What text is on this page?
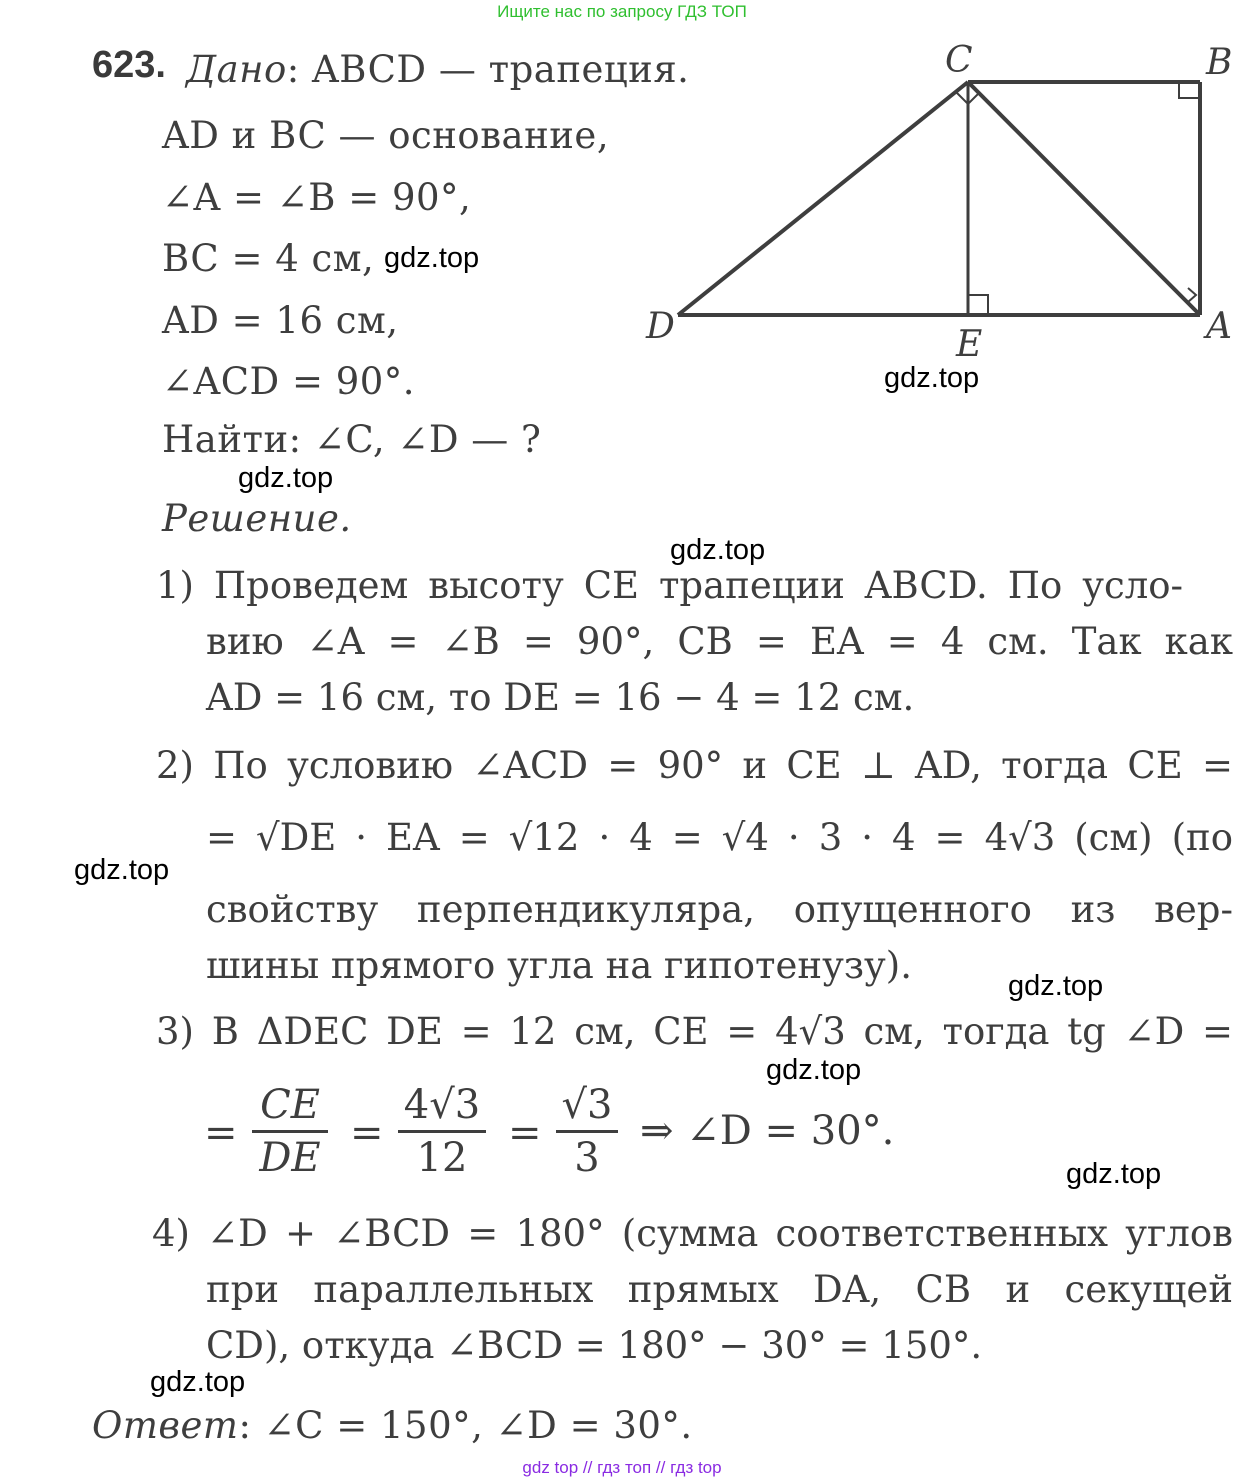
Ищите нас по запросу ГДЗ ТОП
623. Дано: ABCD — трапеция.
AD и BC — основание,
∠A = ∠B = 90°,
BC = 4 см,
AD = 16 см,
∠ACD = 90°.
Найти: ∠C, ∠D — ?
C	B
D	E	A
Решение.
1) Проведем высоту CE трапеции ABCD. По усло-
вию ∠A = ∠B = 90°, CB = EA = 4 см. Так как
AD = 16 см, то DE = 16 − 4 = 12 см.
2) По условию ∠ACD = 90° и CE ⊥ AD, тогда CE =
= √DE · EA = √12 · 4 = √4 · 3 · 4 = 4√3 (см) (по
свойству перпендикуляра, опущенного из вер-
шины прямого угла на гипотенузу).
3) В ΔDEC DE = 12 см, CE = 4√3 см, тогда tg ∠D =
=
CE
DE
=
4√3
12
=
√3
3
⇒ ∠D = 30°.
4) ∠D + ∠BCD = 180° (сумма соответственных углов
при параллельных прямых DA, CB и секущей
CD), откуда ∠BCD = 180° − 30° = 150°.
Ответ: ∠C = 150°, ∠D = 30°.
gdz.top
gdz.top
gdz.top
gdz.top
gdz.top
gdz.top
gdz.top
gdz.top
gdz.top
gdz top // гдз топ // гдз top
